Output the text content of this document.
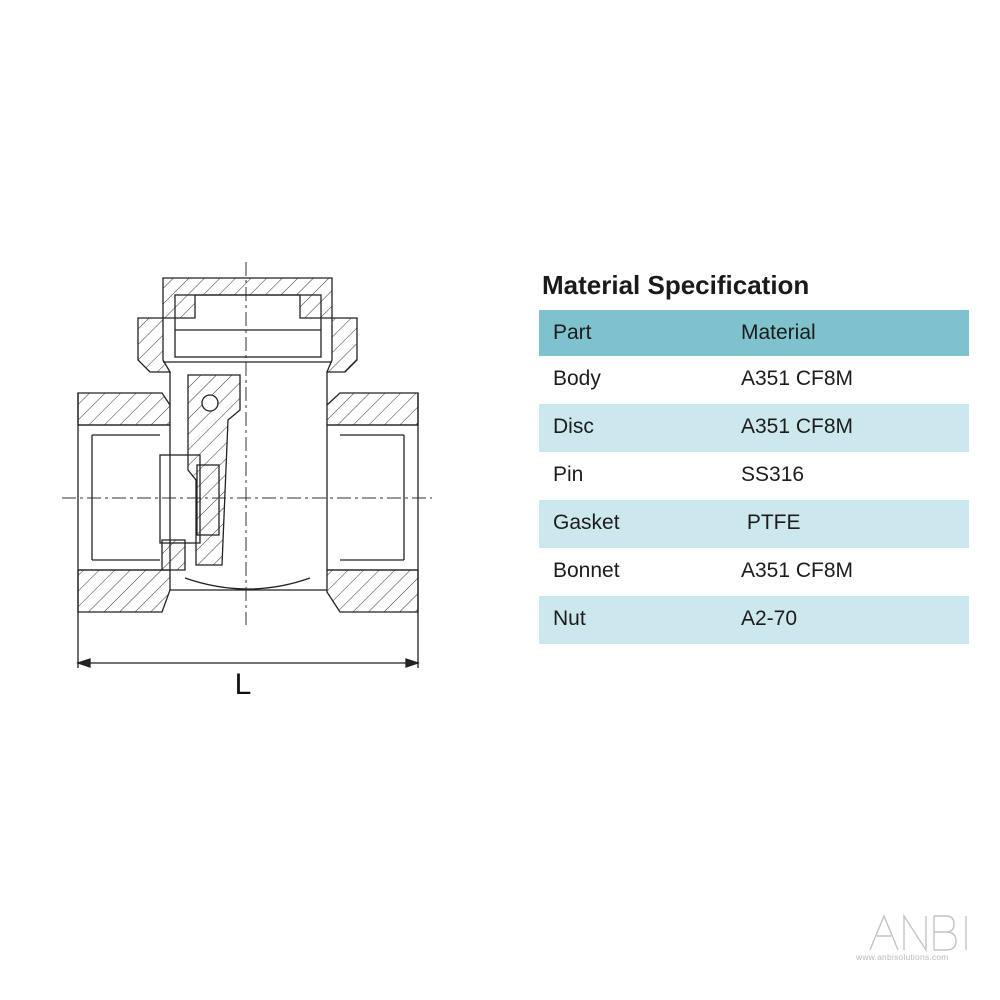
L
Material Specification
Part	Material
Body	A351 CF8M
Disc	A351 CF8M
Pin	SS316
Gasket	PTFE
Bonnet	A351 CF8M
Nut	A2-70
www.anbisolutions.com
